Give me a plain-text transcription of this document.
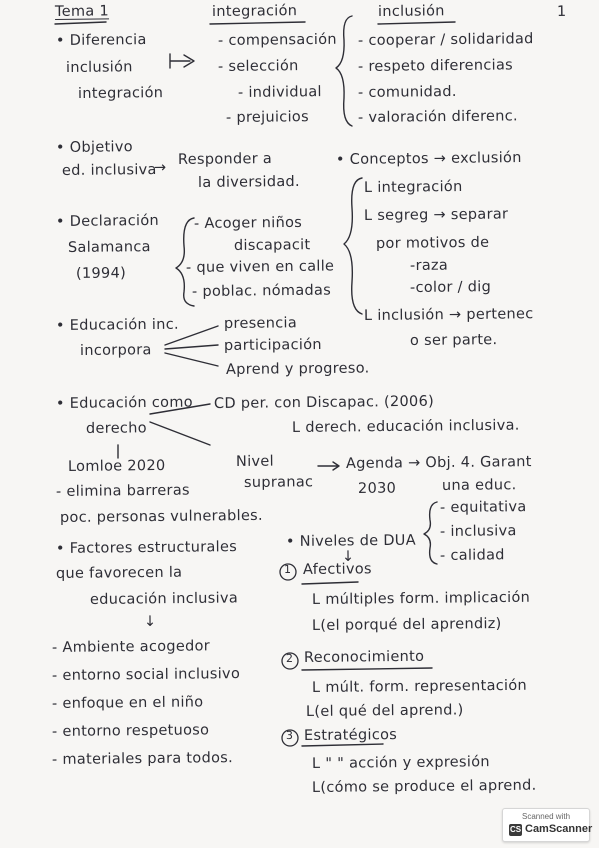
Tema 1	1
• Diferencia
inclusión
integración
integración
- compensación
- selección
- individual
- prejuicios
inclusión
- cooperar / solidaridad
- respeto diferencias
- comunidad.
- valoración diferenc.
• Objetivo
ed. inclusiva
→ Responder a
la diversidad.
• Conceptos → exclusión
L integración
L segreg → separar
por motivos de
-raza
-color / dig
L inclusión → pertenec
o ser parte.
• Declaración
Salamanca
(1994)
- Acoger niños
discapacit
- que viven en calle
- poblac. nómadas
• Educación inc.
incorpora
presencia
participación
Aprend y progreso.
• Educación como
derecho
CD per. con Discapac. (2006)
L derech. educación inclusiva.
Lomloe 2020	Nivel
supranac
Agenda → Obj. 4. Garant
2030	una educ.
- equitativa
- inclusiva
- calidad
- elimina barreras
poc. personas vulnerables.
• Factores estructurales
que favorecen la
educación inclusiva
↓
- Ambiente acogedor
- entorno social inclusivo
- enfoque en el niño
- entorno respetuoso
- materiales para todos.
• Niveles de DUA
↓
1 Afectivos
L múltiples form. implicación
L(el porqué del aprendiz)
2 Reconocimiento
L múlt. form. representación
L(el qué del aprend.)
3 Estratégicos
L " " acción y expresión
L(cómo se produce el aprend.
Scanned with
CS CamScanner
